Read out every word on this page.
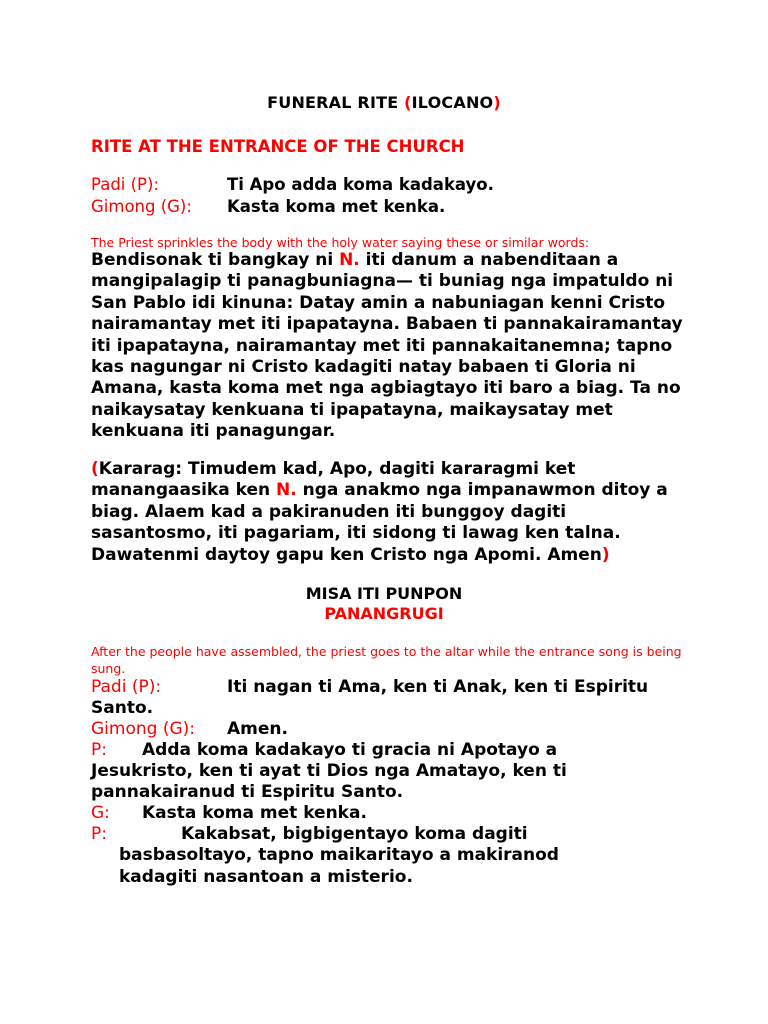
FUNERAL RITE (ILOCANO)
RITE AT THE ENTRANCE OF THE CHURCH
Padi (P):	Ti Apo adda koma kadakayo.
Gimong (G): Kasta koma met kenka.
The Priest sprinkles the body with the holy water saying these or similar words:

Bendisonak ti bangkay ni N. iti danum a nabenditaan a mangipalagip ti panagbuniagna— ti buniag nga impatuldo ni San Pablo idi kinuna: Datay amin a nabuniagan kenni Cristo nairamantay met iti ipapatayna. Babaen ti pannakairamantay iti ipapatayna, nairamantay met iti pannakaitanemna; tapno kas nagungar ni Cristo kadagiti natay babaen ti Gloria ni Amana, kasta koma met nga agbiagtayo iti baro a biag. Ta no naikaysatay kenkuana ti ipapatayna, maikaysatay met kenkuana iti panagungar.

(Kararag: Timudem kad, Apo, dagiti kararagmi ket manangaasika ken N. nga anakmo nga impanawmon ditoy a biag. Alaem kad a pakiranuden iti bunggoy dagiti sasantosmo, iti pagariam, iti sidong ti lawag ken talna. Dawatenmi daytoy gapu ken Cristo nga Apomi. Amen)

MISA ITI PUNPON
PANANGRUGI
After the people have assembled, the priest goes to the altar while the entrance song is being sung.
Padi (P):	Iti nagan ti Ama, ken ti Anak, ken ti Espiritu
Santo.
Gimong (G): Amen.
P: Adda koma kadakayo ti gracia ni Apotayo a
Jesukristo, ken ti ayat ti Dios nga Amatayo, ken ti
pannakairanud ti Espiritu Santo.
G: Kasta koma met kenka.
P:	Kakabsat, bigbigentayo koma dagiti
basbasoltayo, tapno maikaritayo a makiranod
kadagiti nasantoan a misterio.
